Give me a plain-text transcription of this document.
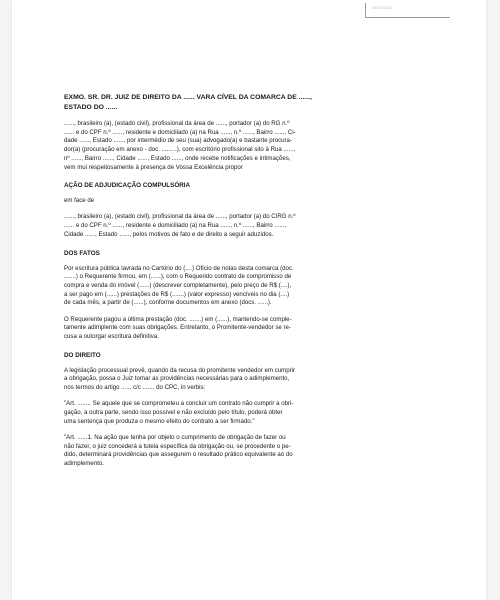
SEM DATA

EXMO. SR. DR. JUIZ DE DIREITO DA ...... VARA CÍVEL DA COMARCA DE ......,
ESTADO DO ......

......, brasileiro (a), (estado civil), profissional da área de ......, portador (a) do RG n.º
...... e do CPF n.º ......, residente e domiciliado (a) na Rua ......, n.º ......, Bairro ......, Ci-
dade ......, Estado ......, por intermédio de seu (sua) advogado(a) e bastante procura-
dor(a) (procuração em anexo - doc. .........), com escritório profissional sito à Rua ......,
nº ......, Bairro ......, Cidade ......, Estado ......, onde recebe notificações e intimações,
vem mui respeitosamente à presença de Vossa Excelência propor

AÇÃO DE ADJUDICAÇÃO COMPULSÓRIA

em face de

......, brasileiro (a), (estado civil), profissional da área de ......, portador (a) do CIRG n.º
...... e do CPF n.º ......, residente e domiciliado (a) na Rua ......, n.º ......, Bairro ......,
Cidade ......, Estado ......, pelos motivos de fato e de direito a seguir aduzidos.

DOS FATOS

Por escritura pública lavrada no Cartório do (....) Ofício de notas desta comarca (doc.
.......) o Requerente firmou, em (......), com o Requerido contrato de compromisso de
compra e venda do imóvel (......) (descrever completamente), pelo preço de R$ (....),
a ser pago em (......) prestações de R$ (.......) (valor expresso) vencíveis no dia (....)
de cada mês, a partir de (......), conforme documentos em anexo (docs. ......).

O Requerente pagou a última prestação (doc. .......) em (......), mantendo-se comple-
tamente adimplente com suas obrigações. Entretanto, o Promitente-vendedor se re-
cusa a outorgar escritura definitiva.

DO DIREITO

A legislação processual prevê, quando da recusa do promitente vendedor em cumprir
a obrigação, possa o Juiz tomar as providências necessárias para o adimplemento,
nos termos do artigo ...... c/c ....... do CPC, in verbis:

"Art. ........ Se aquele que se comprometeu a concluir um contrato não cumprir a obri-
gação, a outra parte, sendo isso possível e não excluído pelo título, poderá obter
uma sentença que produza o mesmo efeito do contrato a ser firmado."

"Art. ......1. Na ação que tenha por objeto o cumprimento de obrigação de fazer ou
não fazer, o juiz concederá a tutela específica da obrigação ou, se procedente o pe-
dido, determinará providências que assegurem o resultado prático equivalente ao do
adimplemento.
